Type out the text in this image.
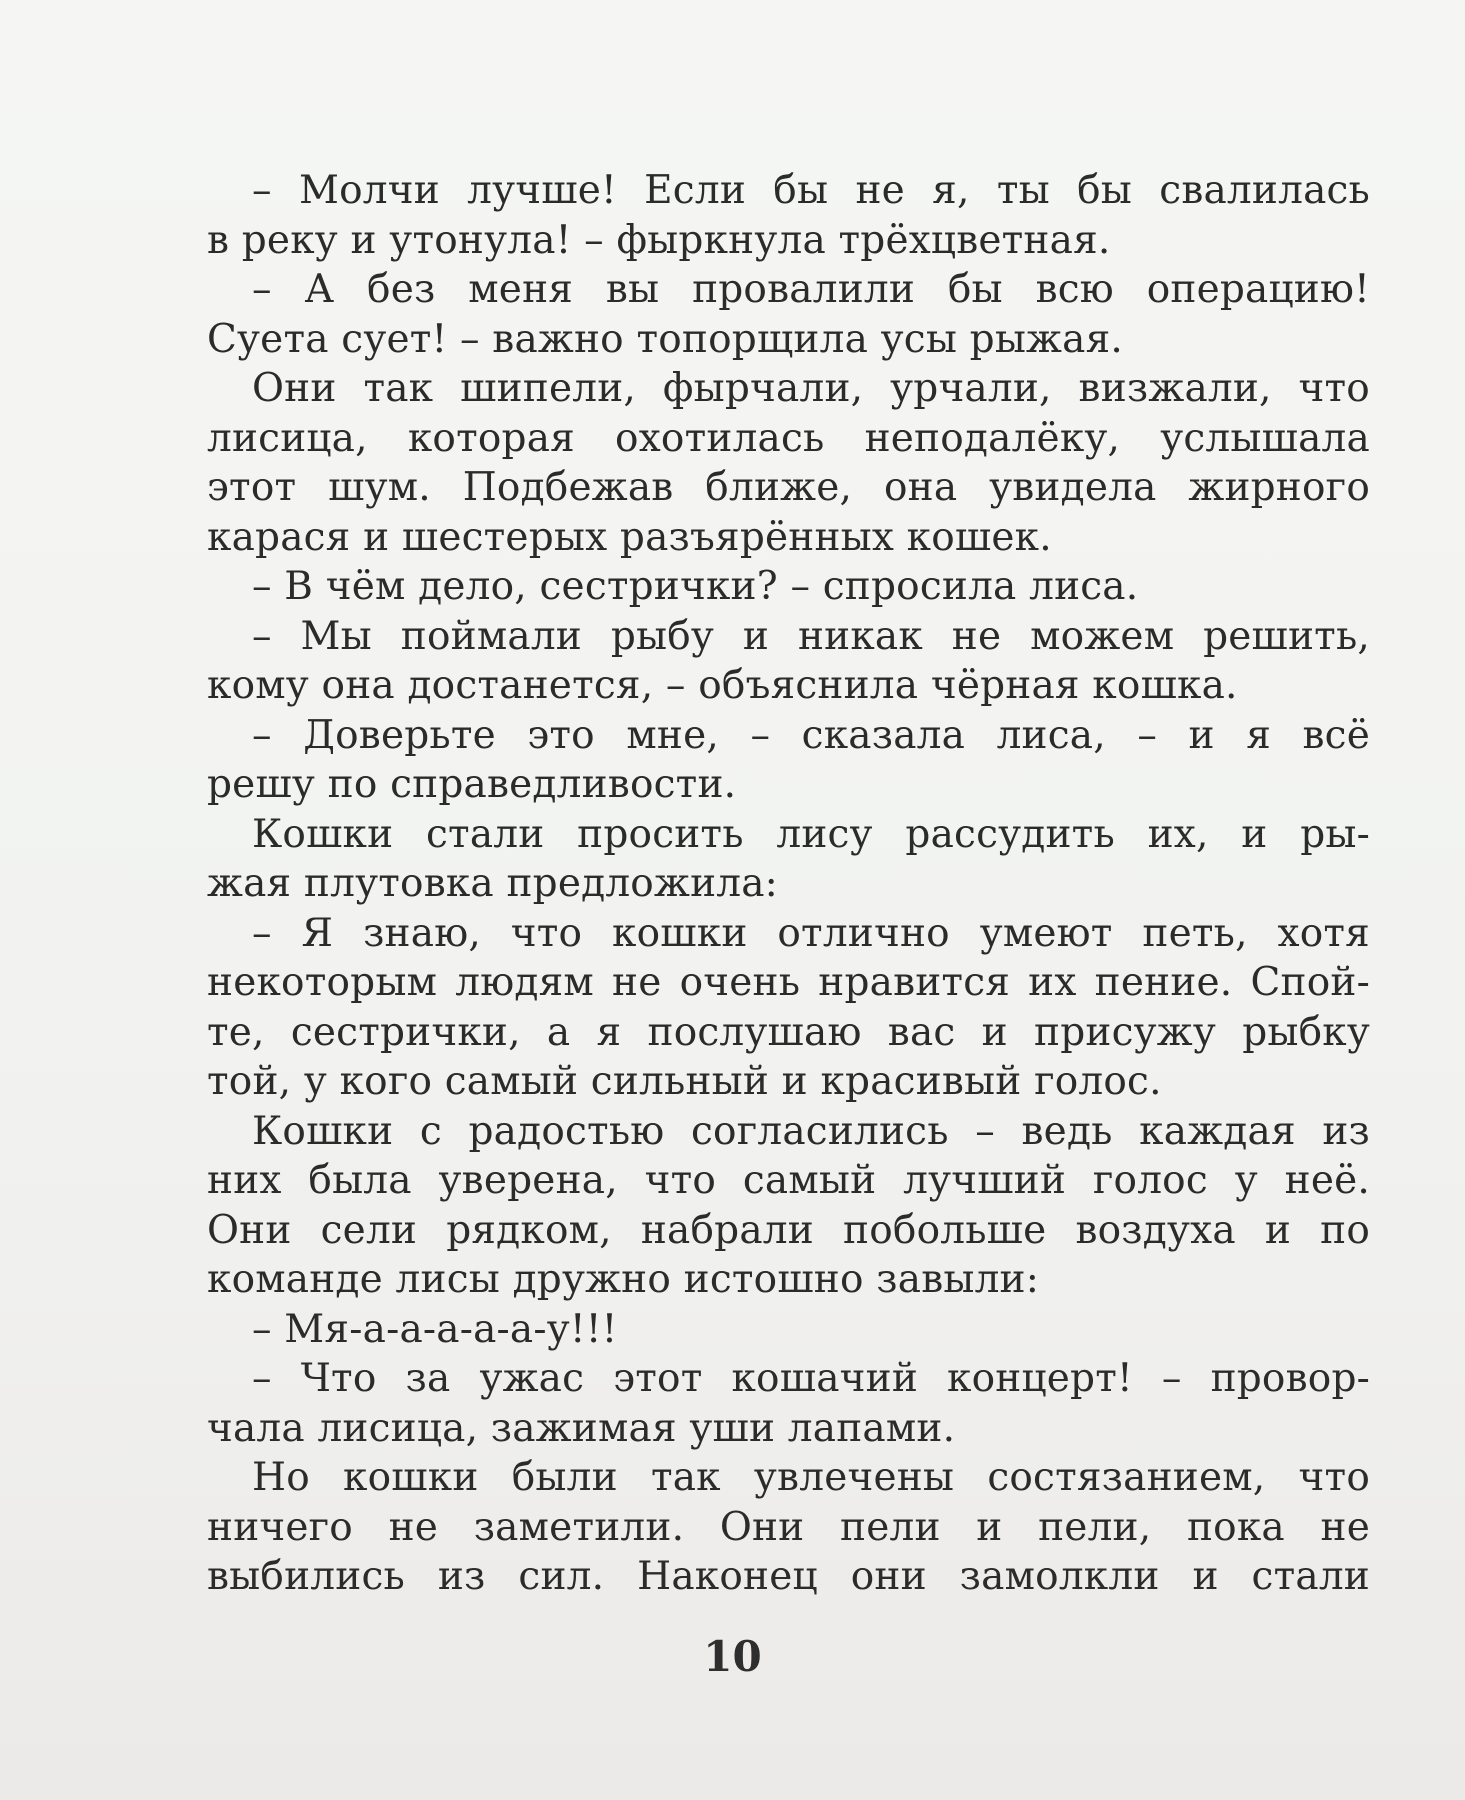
– Молчи лучше! Если бы не я, ты бы свалилась
в реку и утонула! – фыркнула трёхцветная.
– А без меня вы провалили бы всю операцию!
Суета сует! – важно топорщила усы рыжая.
Они так шипели, фырчали, урчали, визжали, что
лисица, которая охотилась неподалёку, услышала
этот шум. Подбежав ближе, она увидела жирного
карася и шестерых разъярённых кошек.
– В чём дело, сестрички? – спросила лиса.
– Мы поймали рыбу и никак не можем решить,
кому она достанется, – объяснила чёрная кошка.
– Доверьте это мне, – сказала лиса, – и я всё
решу по справедливости.
Кошки стали просить лису рассудить их, и ры-
жая плутовка предложила:
– Я знаю, что кошки отлично умеют петь, хотя
некоторым людям не очень нравится их пение. Спой-
те, сестрички, а я послушаю вас и присужу рыбку
той, у кого самый сильный и красивый голос.
Кошки с радостью согласились – ведь каждая из
них была уверена, что самый лучший голос у неё.
Они сели рядком, набрали побольше воздуха и по
команде лисы дружно истошно завыли:
– Мя-а-а-а-а-а-у!!!
– Что за ужас этот кошачий концерт! – провор-
чала лисица, зажимая уши лапами.
Но кошки были так увлечены состязанием, что
ничего не заметили. Они пели и пели, пока не
выбились из сил. Наконец они замолкли и стали
10
